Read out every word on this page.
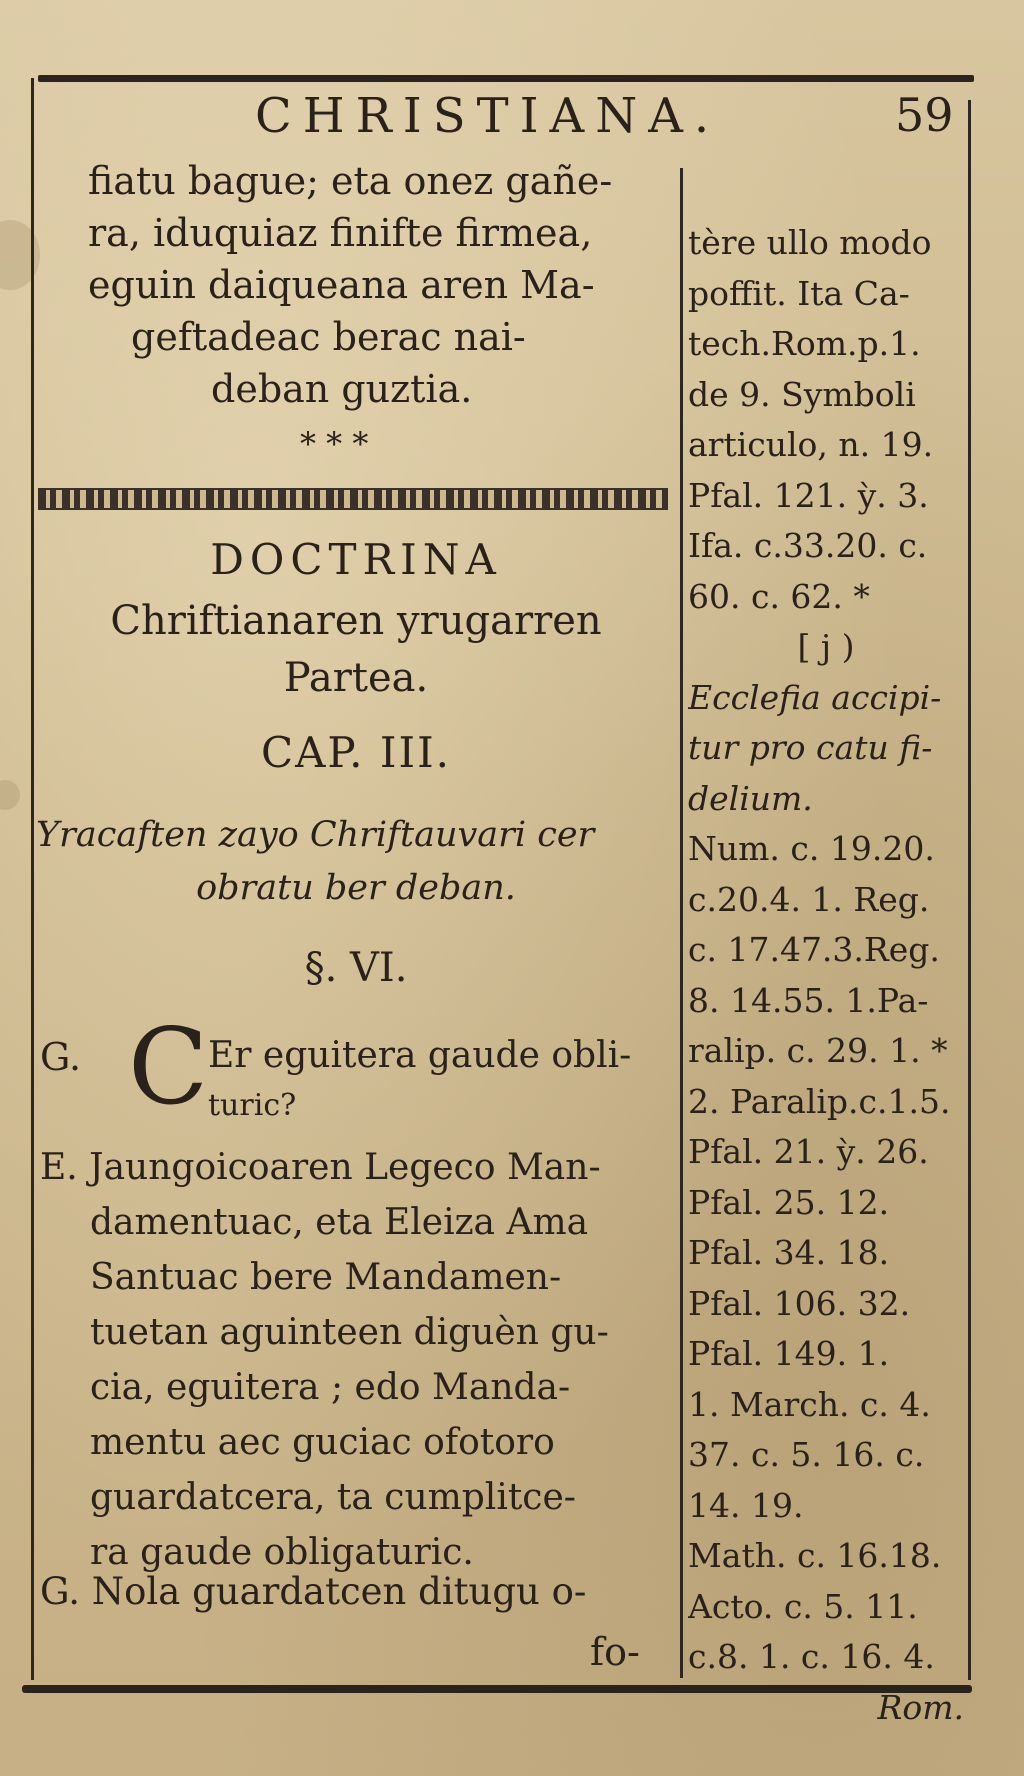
CHRISTIANA.	59
fiatu bague; eta onez gañe-
ra, iduquiaz finifte firmea,
eguin daiqueana aren Ma-
geftadeac berac nai-
deban guztia.
* * *
DOCTRINA
Chriftianaren yrugarren
Partea.
CAP. III.
Yracaften zayo Chriftauvari cer
obratu ber deban.
§. VI.
G. C Er eguitera gaude obli-
turic?
E. Jaungoicoaren Legeco Man-
damentuac, eta Eleiza Ama
Santuac bere Mandamen-
tuetan aguinteen diguèn gu-
cia, eguitera ; edo Manda-
mentu aec guciac ofotoro
guardatcera, ta cumplitce-
ra gaude obligaturic.
G. Nola guardatcen ditugu o-
fo-
tère ullo modo
poffit. Ita Ca-
tech.Rom.p.1.
de 9. Symboli
articulo, n. 19.
Pfal. 121. ỳ. 3.
Ifa. c.33.20. c.
60. c. 62. *
[ j )
Ecclefia accipi-
tur pro catu fi-
delium.
Num. c. 19.20.
c.20.4. 1. Reg.
c. 17.47.3.Reg.
8. 14.55. 1.Pa-
ralip. c. 29. 1. *
2. Paralip.c.1.5.
Pfal. 21. ỳ. 26.
Pfal. 25. 12.
Pfal. 34. 18.
Pfal. 106. 32.
Pfal. 149. 1.
1. March. c. 4.
37. c. 5. 16. c.
14. 19.
Math. c. 16.18.
Acto. c. 5. 11.
c.8. 1. c. 16. 4.
Rom.
